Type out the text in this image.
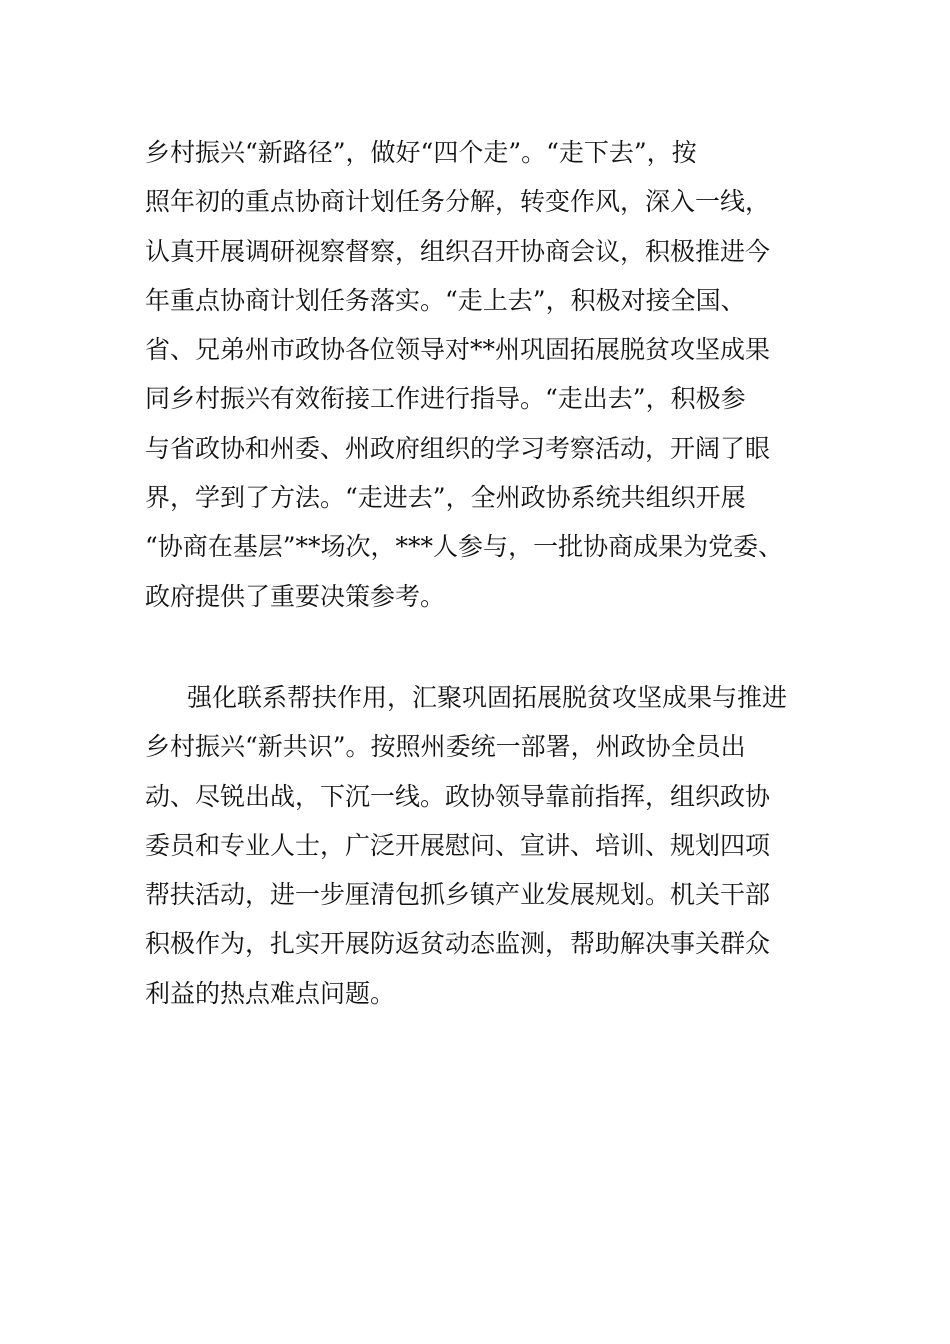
乡村振兴“新路径”，做好“四个走”。“走下去”，按
照年初的重点协商计划任务分解，转变作风，深入一线，
认真开展调研视察督察，组织召开协商会议，积极推进今
年重点协商计划任务落实。“走上去”，积极对接全国、
省、兄弟州市政协各位领导对**州巩固拓展脱贫攻坚成果
同乡村振兴有效衔接工作进行指导。“走出去”，积极参
与省政协和州委、州政府组织的学习考察活动，开阔了眼
界，学到了方法。“走进去”，全州政协系统共组织开展
“协商在基层”**场次，***人参与，一批协商成果为党委、
政府提供了重要决策参考。
强化联系帮扶作用，汇聚巩固拓展脱贫攻坚成果与推进
乡村振兴“新共识”。按照州委统一部署，州政协全员出
动、尽锐出战，下沉一线。政协领导靠前指挥，组织政协
委员和专业人士，广泛开展慰问、宣讲、培训、规划四项
帮扶活动，进一步厘清包抓乡镇产业发展规划。机关干部
积极作为，扎实开展防返贫动态监测，帮助解决事关群众
利益的热点难点问题。
